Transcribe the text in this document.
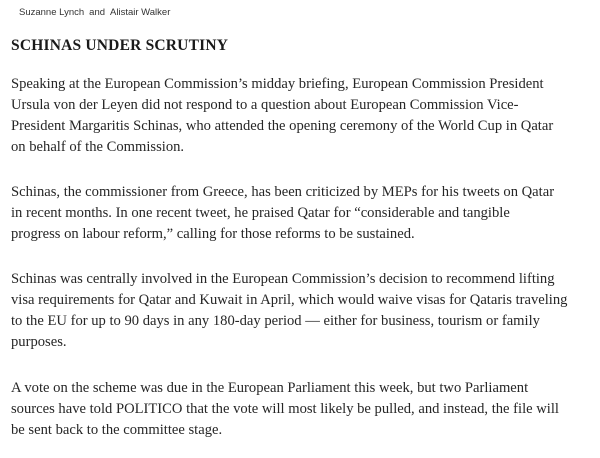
Suzanne Lynch and Alistair Walker
SCHINAS UNDER SCRUTINY

Speaking at the European Commission’s midday briefing, European Commission President
Ursula von der Leyen did not respond to a question about European Commission Vice-
President Margaritis Schinas, who attended the opening ceremony of the World Cup in Qatar
on behalf of the Commission.

Schinas, the commissioner from Greece, has been criticized by MEPs for his tweets on Qatar
in recent months. In one recent tweet, he praised Qatar for “considerable and tangible
progress on labour reform,” calling for those reforms to be sustained.

Schinas was centrally involved in the European Commission’s decision to recommend lifting
visa requirements for Qatar and Kuwait in April, which would waive visas for Qataris traveling
to the EU for up to 90 days in any 180-day period — either for business, tourism or family
purposes.

A vote on the scheme was due in the European Parliament this week, but two Parliament
sources have told POLITICO that the vote will most likely be pulled, and instead, the file will
be sent back to the committee stage.
